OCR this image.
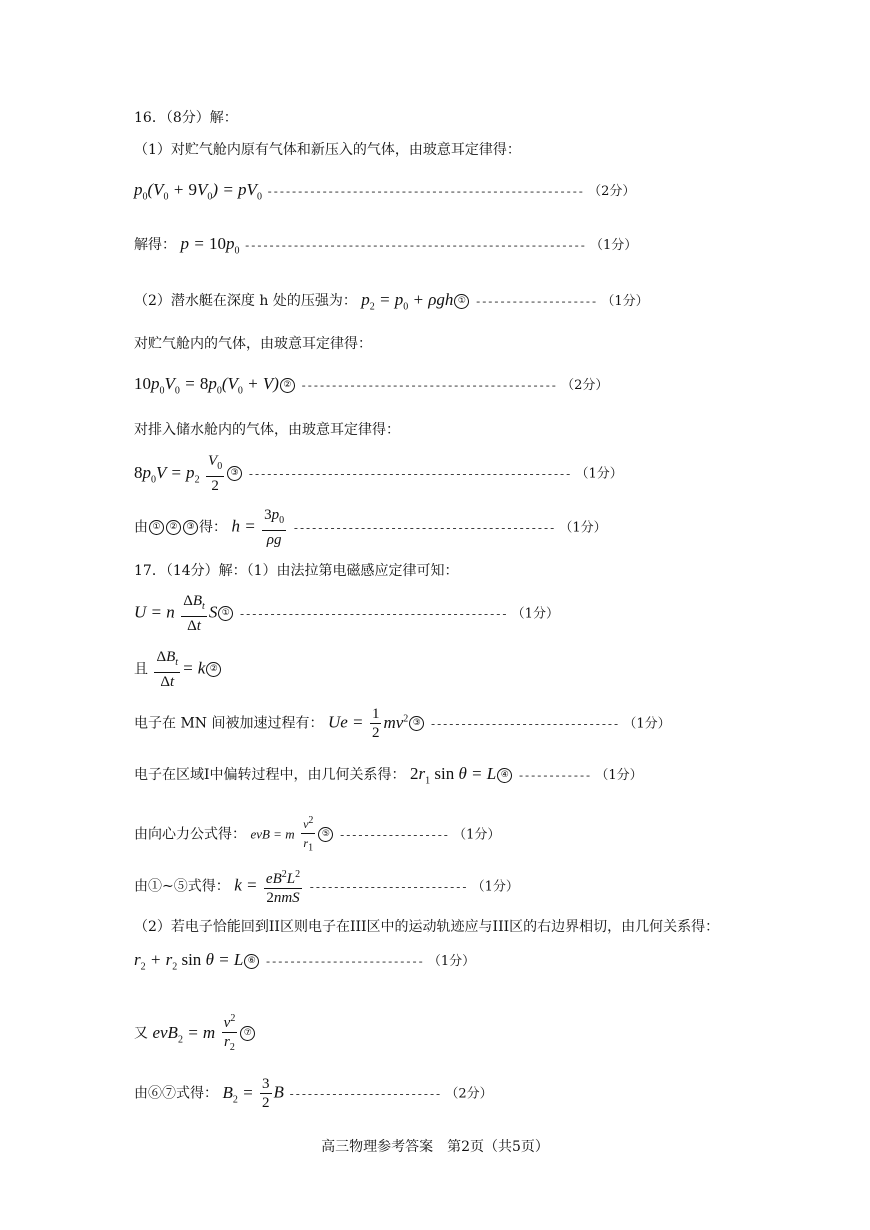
16．（8分）解：
（1）对贮气舱内原有气体和新压入的气体，由玻意耳定律得：
$p_0(V_0 + 9V_0) = pV_0$ ---------------------------------------------------- （2分）
解得： $p = 10p_0$ -------------------------------------------------------- （1分）
（2）潜水艇在深度 h 处的压强为： $p_2 = p_0 + \rho gh$ ① -------------------- （1分）
对贮气舱内的气体，由玻意耳定律得：
$10p_0V_0 = 8p_0(V_0 + V)$ ② ------------------------------------------ （2分）
对排入储水舱内的气体，由玻意耳定律得：
$8p_0V = p_2 \frac{V_0}{2}$ ③ ----------------------------------------------------- （1分）
由 ① ② ③ 得： $h = \frac{3p_0}{\rho g}$ ------------------------------------------- （1分）
17．（14分）解：（1）由法拉第电磁感应定律可知：
U = n $\frac{\Delta B_t}{\Delta t}$ S ① -------------------------------------------- （1分）
且 $\frac{\Delta B_t}{\Delta t} = k$ ②
电子在 MN 间被加速过程有： $Ue = \frac{1}{2} mv^2$ ③ ------------------------------- （1分）
电子在区域I中偏转过程中，由几何关系得： $2r_1$ sin θ = L ④ ------------ （1分）
由向心力公式得： evB = m $\frac{v^2}{r_1}$ ⑤ ------------------ （1分）
由①~⑤式得： $k = \frac{eB^2L^2}{\text{2nmS}}$ -------------------------- （1分）
（2）若电子恰能回到II区则电子在III区中的运动轨迹应与III区的右边界相切，由几何关系得：
$r_2 + r_2$ sin θ = L ⑥ -------------------------- （1分）
又 evB$_2$ = m $\frac{v^2}{r_2}$ ⑦
由⑥⑦式得： $B_2 = \frac{3}{2}$ B ------------------------- （2分）
高三物理参考答案　第2页（共5页）
